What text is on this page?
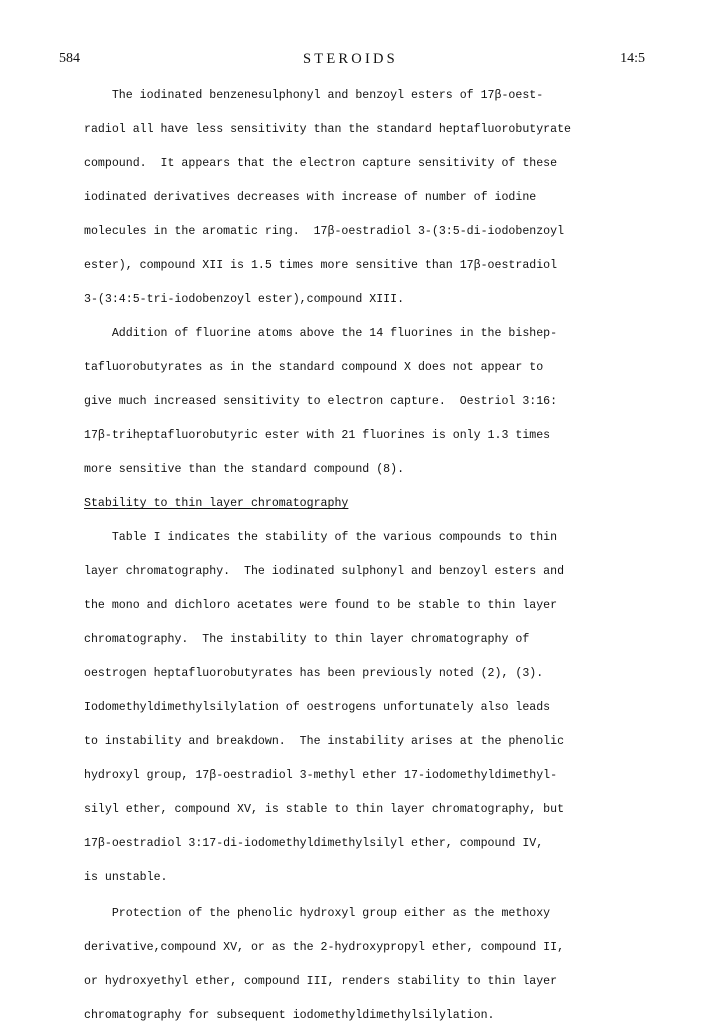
584	STEROIDS	14:5
The iodinated benzenesulphonyl and benzoyl esters of 17β-oest-
radiol all have less sensitivity than the standard heptafluorobutyrate
compound.  It appears that the electron capture sensitivity of these
iodinated derivatives decreases with increase of number of iodine
molecules in the aromatic ring.  17β-oestradiol 3-(3:5-di-iodobenzoyl
ester), compound XII is 1.5 times more sensitive than 17β-oestradiol
3-(3:4:5-tri-iodobenzoyl ester),compound XIII.
Addition of fluorine atoms above the 14 fluorines in the bishep-
tafluorobutyrates as in the standard compound X does not appear to
give much increased sensitivity to electron capture.  Oestriol 3:16:
17β-triheptafluorobutyric ester with 21 fluorines is only 1.3 times
more sensitive than the standard compound (8).
Stability to thin layer chromatography
Table I indicates the stability of the various compounds to thin
layer chromatography.  The iodinated sulphonyl and benzoyl esters and
the mono and dichloro acetates were found to be stable to thin layer
chromatography.  The instability to thin layer chromatography of
oestrogen heptafluorobutyrates has been previously noted (2), (3).
Iodomethyldimethylsilylation of oestrogens unfortunately also leads
to instability and breakdown.  The instability arises at the phenolic
hydroxyl group, 17β-oestradiol 3-methyl ether 17-iodomethyldimethyl-
silyl ether, compound XV, is stable to thin layer chromatography, but
17β-oestradiol 3:17-di-iodomethyldimethylsilyl ether, compound IV,
is unstable.
Protection of the phenolic hydroxyl group either as the methoxy
derivative,compound XV, or as the 2-hydroxypropyl ether, compound II,
or hydroxyethyl ether, compound III, renders stability to thin layer
chromatography for subsequent iodomethyldimethylsilylation.
